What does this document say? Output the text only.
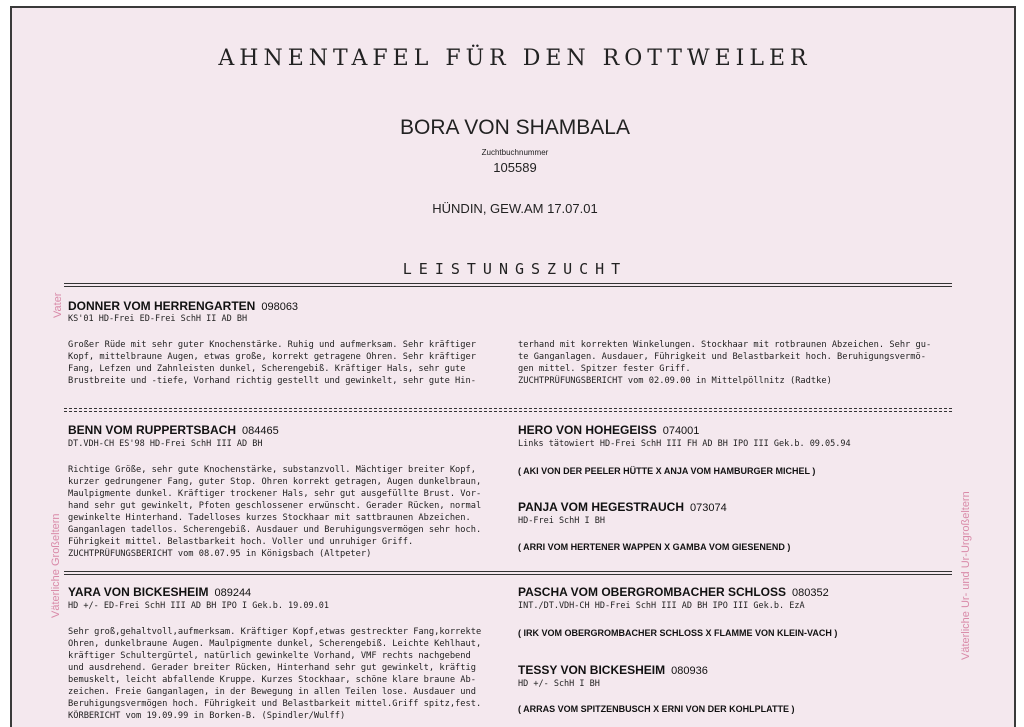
AHNENTAFEL FÜR DEN ROTTWEILER
BORA VON SHAMBALA
Zuchtbuchnummer
105589
HÜNDIN, GEW.AM 17.07.01
LEISTUNGSZUCHT
Vater
Väterliche Großeltern	Väterliche Ur- und Ur-Urgroßeltern
DONNER VOM HERRENGARTEN 098063
KS'01 HD-Frei ED-Frei SchH II AD BH
Großer Rüde mit sehr guter Knochenstärke. Ruhig und aufmerksam. Sehr kräftiger
Kopf, mittelbraune Augen, etwas große, korrekt getragene Ohren. Sehr kräftiger
Fang, Lefzen und Zahnleisten dunkel, Scherengebiß. Kräftiger Hals, sehr gute
Brustbreite und -tiefe, Vorhand richtig gestellt und gewinkelt, sehr gute Hin-
terhand mit korrekten Winkelungen. Stockhaar mit rotbraunen Abzeichen. Sehr gu-
te Ganganlagen. Ausdauer, Führigkeit und Belastbarkeit hoch. Beruhigungsvermö-
gen mittel. Spitzer fester Griff.
ZUCHTPRÜFUNGSBERICHT vom 02.09.00 in Mittelpöllnitz (Radtke)
BENN VOM RUPPERTSBACH 084465
DT.VDH-CH ES'98 HD-Frei SchH III AD BH
Richtige Größe, sehr gute Knochenstärke, substanzvoll. Mächtiger breiter Kopf,
kurzer gedrungener Fang, guter Stop. Ohren korrekt getragen, Augen dunkelbraun,
Maulpigmente dunkel. Kräftiger trockener Hals, sehr gut ausgefüllte Brust. Vor-
hand sehr gut gewinkelt, Pfoten geschlossener erwünscht. Gerader Rücken, normal
gewinkelte Hinterhand. Tadelloses kurzes Stockhaar mit sattbraunen Abzeichen.
Ganganlagen tadellos. Scherengebiß. Ausdauer und Beruhigungsvermögen sehr hoch.
Führigkeit mittel. Belastbarkeit hoch. Voller und unruhiger Griff.
ZUCHTPRÜFUNGSBERICHT vom 08.07.95 in Königsbach (Altpeter)
HERO VON HOHEGEISS 074001
Links tätowiert HD-Frei SchH III FH AD BH IPO III Gek.b. 09.05.94
( AKI VON DER PEELER HÜTTE X ANJA VOM HAMBURGER MICHEL )
PANJA VOM HEGESTRAUCH 073074
HD-Frei SchH I BH
( ARRI VOM HERTENER WAPPEN X GAMBA VOM GIESENEND )
YARA VON BICKESHEIM 089244
HD +/- ED-Frei SchH III AD BH IPO I Gek.b. 19.09.01
Sehr groß,gehaltvoll,aufmerksam. Kräftiger Kopf,etwas gestreckter Fang,korrekte
Ohren, dunkelbraune Augen. Maulpigmente dunkel, Scherengebiß. Leichte Kehlhaut,
kräftiger Schultergürtel, natürlich gewinkelte Vorhand, VMF rechts nachgebend
und ausdrehend. Gerader breiter Rücken, Hinterhand sehr gut gewinkelt, kräftig
bemuskelt, leicht abfallende Kruppe. Kurzes Stockhaar, schöne klare braune Ab-
zeichen. Freie Ganganlagen, in der Bewegung in allen Teilen lose. Ausdauer und
Beruhigungsvermögen hoch. Führigkeit und Belastbarkeit mittel.Griff spitz,fest.
KÖRBERICHT vom 19.09.99 in Borken-B. (Spindler/Wulff)
PASCHA VOM OBERGROMBACHER SCHLOSS 080352
INT./DT.VDH-CH HD-Frei SchH III AD BH IPO III Gek.b. EzA
( IRK VOM OBERGROMBACHER SCHLOSS X FLAMME VON KLEIN-VACH )
TESSY VON BICKESHEIM 080936
HD +/- SchH I BH
( ARRAS VOM SPITZENBUSCH X ERNI VON DER KOHLPLATTE )
